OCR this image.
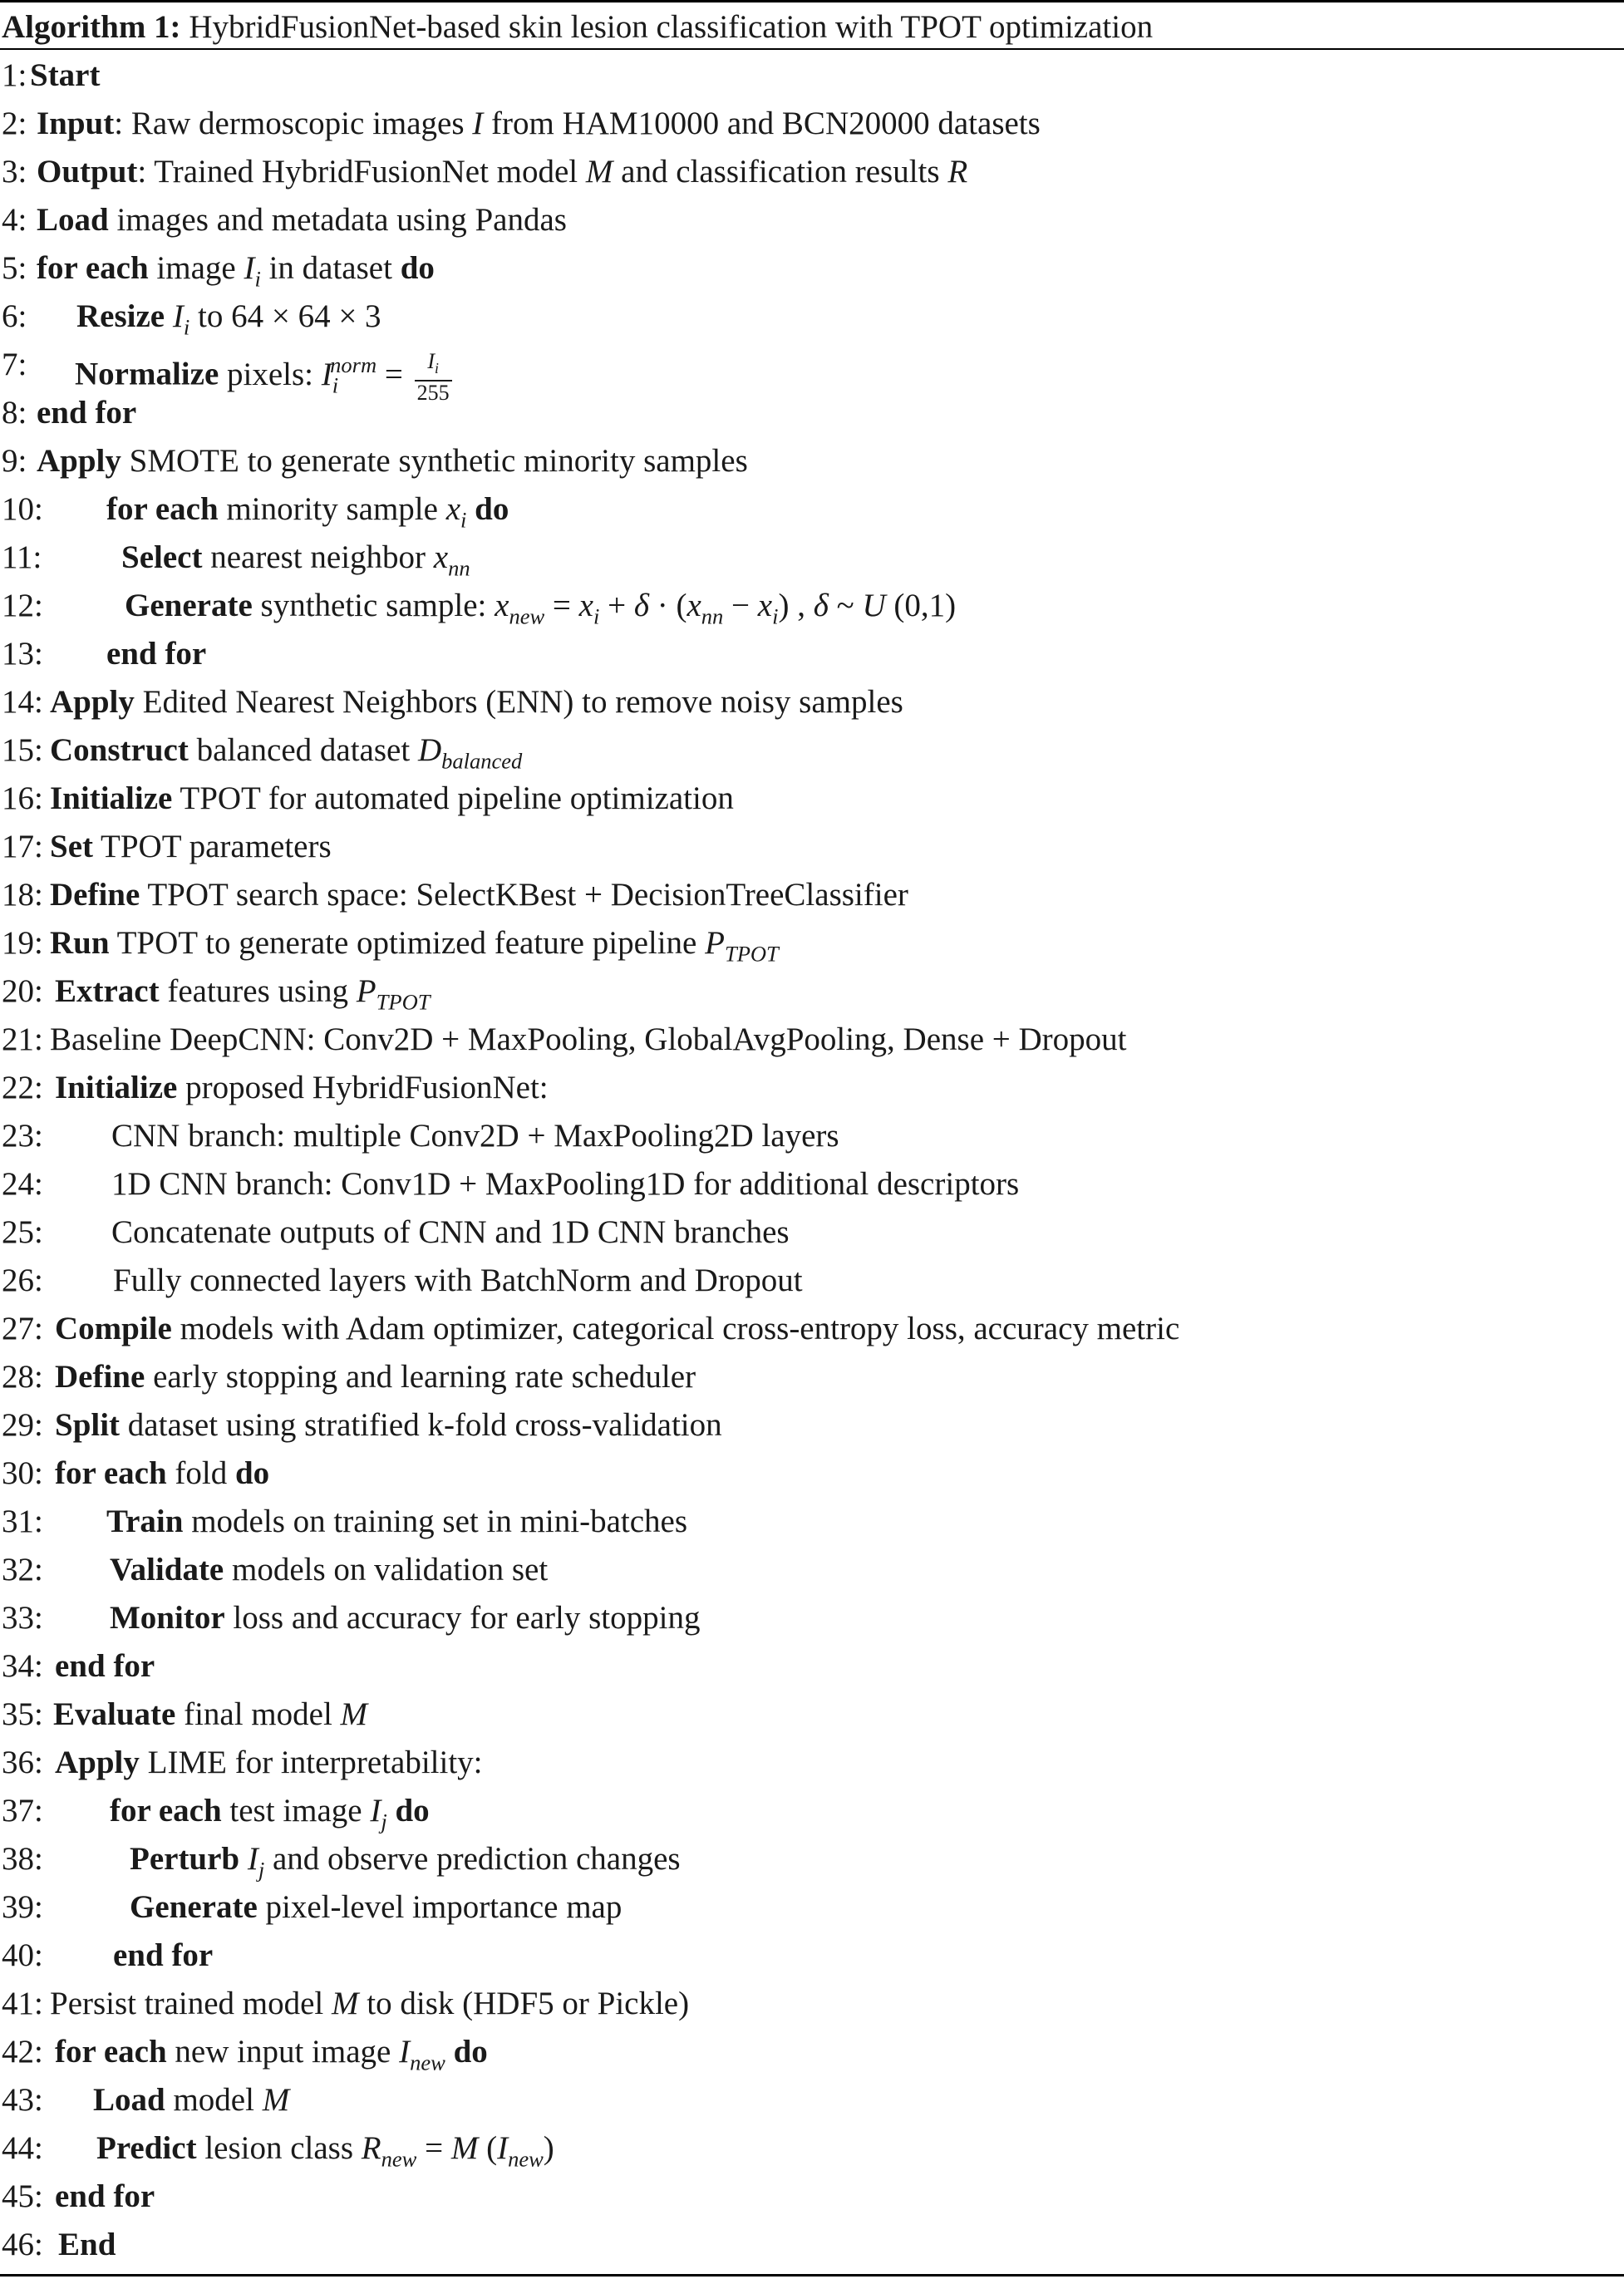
Algorithm 1: HybridFusionNet-based skin lesion classification with TPOT optimization
1: Start
2: Input: Raw dermoscopic images I from HAM10000 and BCN20000 datasets
3: Output: Trained HybridFusionNet model M and classification results R
4: Load images and metadata using Pandas
5: for each image $I_i$ in dataset do
6: Resize $I_i$ to 64 × 64 × 3
7: Normalize pixels: $I_i^{norm} = \frac{I_i}{255}$
8: end for
9: Apply SMOTE to generate synthetic minority samples
10: for each minority sample $x_i$ do
11: Select nearest neighbor $x_{nn}$
12:	Generate synthetic sample: $x_{new} = x_i + \delta \cdot (x_{nn} - x_i)$ , δ ~ U (0,1)
13: end for
14: Apply Edited Nearest Neighbors (ENN) to remove noisy samples
15: Construct balanced dataset $D_{balanced}$
16: Initialize TPOT for automated pipeline optimization
17: Set TPOT parameters
18: Define TPOT search space: SelectKBest + DecisionTreeClassifier
19: Run TPOT to generate optimized feature pipeline $P_{TPOT}$
20: Extract features using $P_{TPOT}$
21: Baseline DeepCNN: Conv2D + MaxPooling, GlobalAvgPooling, Dense + Dropout
22: Initialize proposed HybridFusionNet:
23: CNN branch: multiple Conv2D + MaxPooling2D layers
24: 1D CNN branch: Conv1D + MaxPooling1D for additional descriptors
25: Concatenate outputs of CNN and 1D CNN branches
26: Fully connected layers with BatchNorm and Dropout
27: Compile models with Adam optimizer, categorical cross-entropy loss, accuracy metric
28: Define early stopping and learning rate scheduler
29: Split dataset using stratified k-fold cross-validation
30: for each fold do
31: Train models on training set in mini-batches
32: Validate models on validation set
33: Monitor loss and accuracy for early stopping
34: end for
35: Evaluate final model M
36: Apply LIME for interpretability:
37: for each test image $I_j$ do
38:	Perturb $I_j$ and observe prediction changes
39:	Generate pixel-level importance map
40: end for
41: Persist trained model M to disk (HDF5 or Pickle)
42: for each new input image $I_{new}$ do
43: Load model M
44: Predict lesion class $R_{new} = M$ $(I_{new})$
45: end for
46: End
